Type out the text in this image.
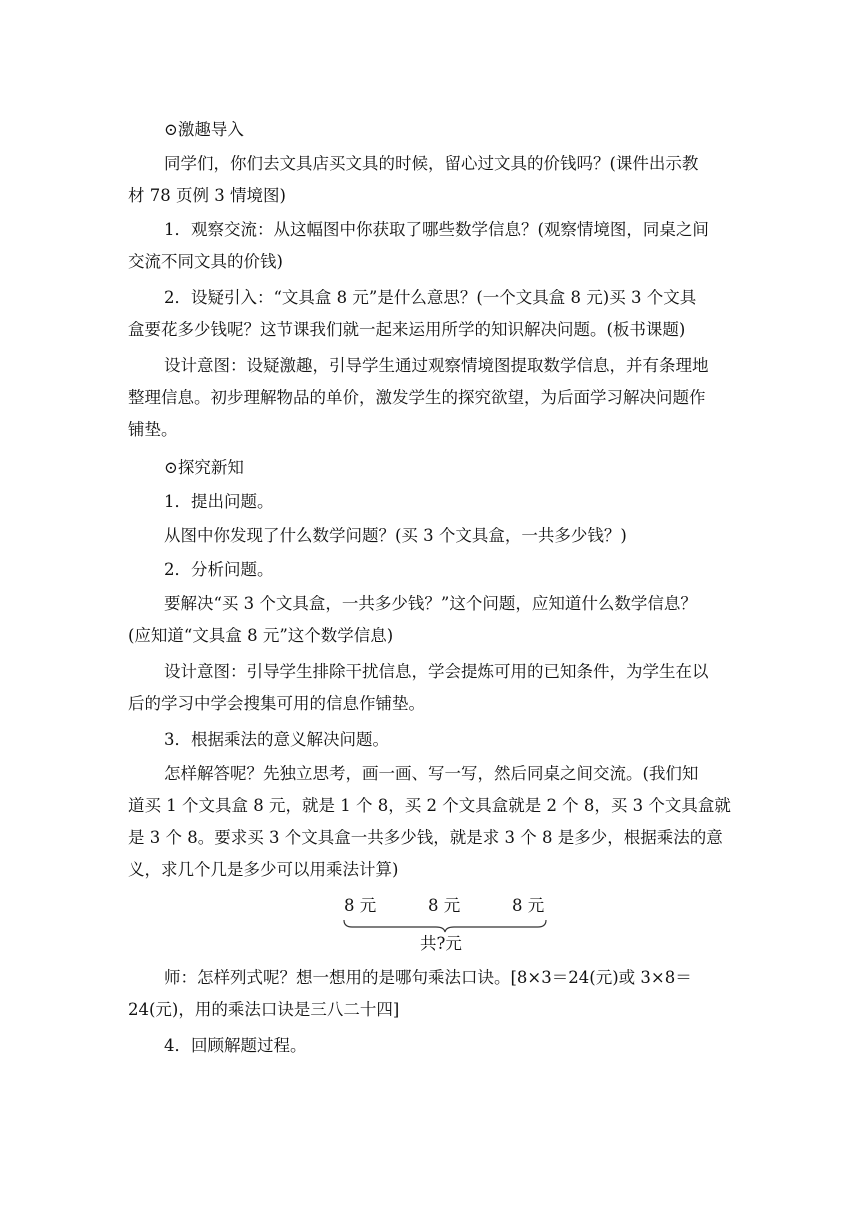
⊙激趣导入

同学们，你们去文具店买文具的时候，留心过文具的价钱吗？(课件出示教
材 78 页例 3 情境图)

1．观察交流：从这幅图中你获取了哪些数学信息？(观察情境图，同桌之间
交流不同文具的价钱)

2．设疑引入：“文具盒 8 元”是什么意思？(一个文具盒 8 元)买 3 个文具
盒要花多少钱呢？这节课我们就一起来运用所学的知识解决问题。(板书课题)

设计意图：设疑激趣，引导学生通过观察情境图提取数学信息，并有条理地
整理信息。初步理解物品的单价，激发学生的探究欲望，为后面学习解决问题作
铺垫。

⊙探究新知

1．提出问题。

从图中你发现了什么数学问题？(买 3 个文具盒，一共多少钱？)

2．分析问题。

要解决“买 3 个文具盒，一共多少钱？”这个问题，应知道什么数学信息？
(应知道“文具盒 8 元”这个数学信息)

设计意图：引导学生排除干扰信息，学会提炼可用的已知条件，为学生在以
后的学习中学会搜集可用的信息作铺垫。

3．根据乘法的意义解决问题。

怎样解答呢？先独立思考，画一画、写一写，然后同桌之间交流。(我们知
道买 1 个文具盒 8 元，就是 1 个 8，买 2 个文具盒就是 2 个 8，买 3 个文具盒就
是 3 个 8。要求买 3 个文具盒一共多少钱，就是求 3 个 8 是多少，根据乘法的意
义，求几个几是多少可以用乘法计算)

8 元	8 元	8 元
共?元

师：怎样列式呢？想一想用的是哪句乘法口诀。[8×3＝24(元)或 3×8＝
24(元)，用的乘法口诀是三八二十四]

4．回顾解题过程。
